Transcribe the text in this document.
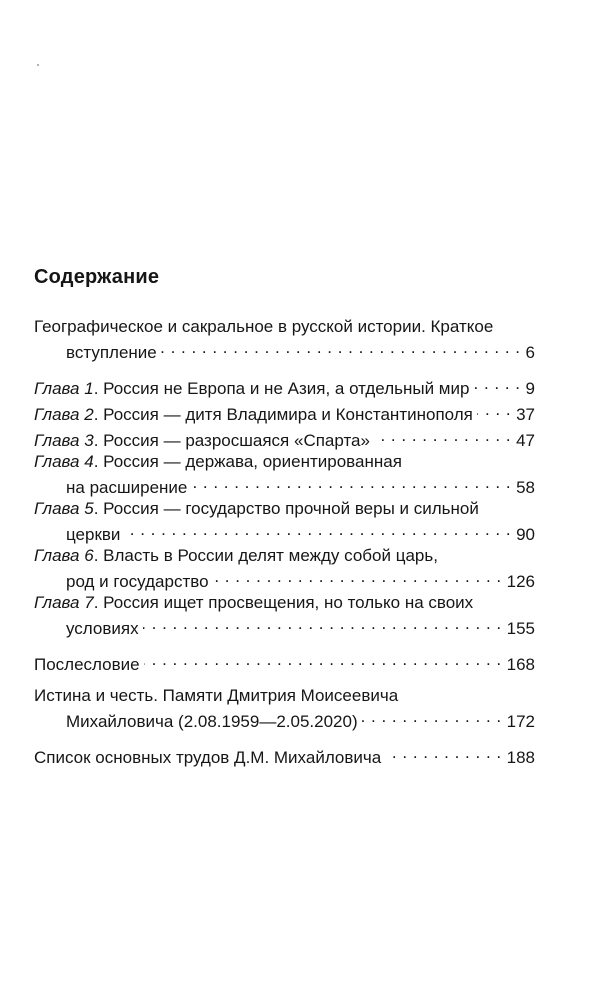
Содержание
Географическое и сакральное в русской истории. Краткое
вступление . . .	6
Глава 1. Россия не Европа и не Азия, а отдельный мир . . .	9
Глава 2. Россия — дитя Владимира и Константинополя . . .	37
Глава 3. Россия — разросшаяся «Спарта» . . .	47
Глава 4. Россия — держава, ориентированная
на расширение . . .	58
Глава 5. Россия — государство прочной веры и сильной
церкви . . .	90
Глава 6. Власть в России делят между собой царь,
род и государство . . .	126
Глава 7. Россия ищет просвещения, но только на своих
условиях . . .	155
Послесловие . . .	168
Истина и честь. Памяти Дмитрия Моисеевича
Михайловича (2.08.1959—2.05.2020) . . .	172
Список основных трудов Д.М. Михайловича . . .	188
